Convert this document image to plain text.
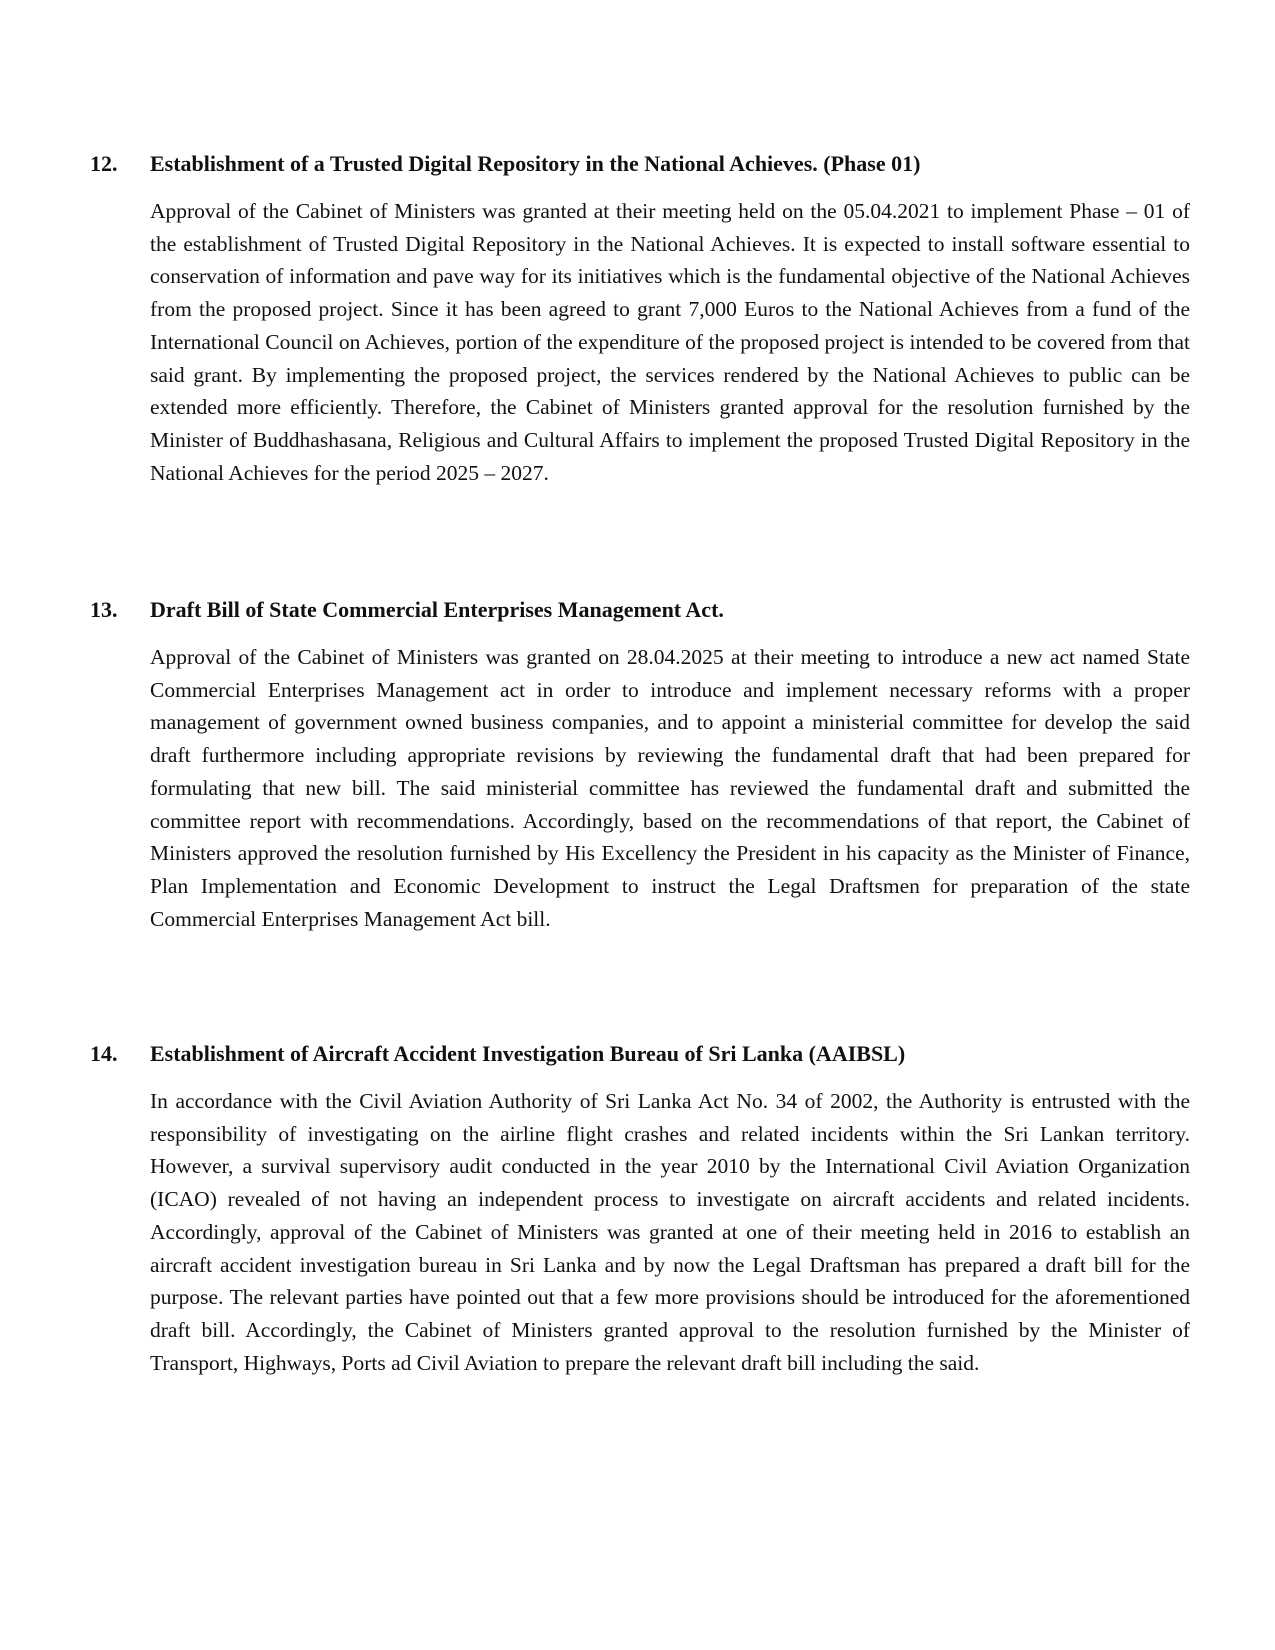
12.	Establishment of a Trusted Digital Repository in the National Achieves. (Phase 01)
Approval of the Cabinet of Ministers was granted at their meeting held on the 05.04.2021 to implement Phase – 01 of the establishment of Trusted Digital Repository in the National Achieves. It is expected to install software essential to conservation of information and pave way for its initiatives which is the fundamental objective of the National Achieves from the proposed project. Since it has been agreed to grant 7,000 Euros to the National Achieves from a fund of the International Council on Achieves, portion of the expenditure of the proposed project is intended to be covered from that said grant. By implementing the proposed project, the services rendered by the National Achieves to public can be extended more efficiently. Therefore, the Cabinet of Ministers granted approval for the resolution furnished by the Minister of Buddhashasana, Religious and Cultural Affairs to implement the proposed Trusted Digital Repository in the National Achieves for the period 2025 – 2027.
13.	Draft Bill of State Commercial Enterprises Management Act.
Approval of the Cabinet of Ministers was granted on 28.04.2025 at their meeting to introduce a new act named State Commercial Enterprises Management act in order to introduce and implement necessary reforms with a proper management of government owned business companies, and to appoint a ministerial committee for develop the said draft furthermore including appropriate revisions by reviewing the fundamental draft that had been prepared for formulating that new bill. The said ministerial committee has reviewed the fundamental draft and submitted the committee report with recommendations. Accordingly, based on the recommendations of that report, the Cabinet of Ministers approved the resolution furnished by His Excellency the President in his capacity as the Minister of Finance, Plan Implementation and Economic Development to instruct the Legal Draftsmen for preparation of the state Commercial Enterprises Management Act bill.
14.	Establishment of Aircraft Accident Investigation Bureau of Sri Lanka (AAIBSL)
In accordance with the Civil Aviation Authority of Sri Lanka Act No. 34 of 2002, the Authority is entrusted with the responsibility of investigating on the airline flight crashes and related incidents within the Sri Lankan territory. However, a survival supervisory audit conducted in the year 2010 by the International Civil Aviation Organization (ICAO) revealed of not having an independent process to investigate on aircraft accidents and related incidents. Accordingly, approval of the Cabinet of Ministers was granted at one of their meeting held in 2016 to establish an aircraft accident investigation bureau in Sri Lanka and by now the Legal Draftsman has prepared a draft bill for the purpose. The relevant parties have pointed out that a few more provisions should be introduced for the aforementioned draft bill. Accordingly, the Cabinet of Ministers granted approval to the resolution furnished by the Minister of Transport, Highways, Ports ad Civil Aviation to prepare the relevant draft bill including the said.
